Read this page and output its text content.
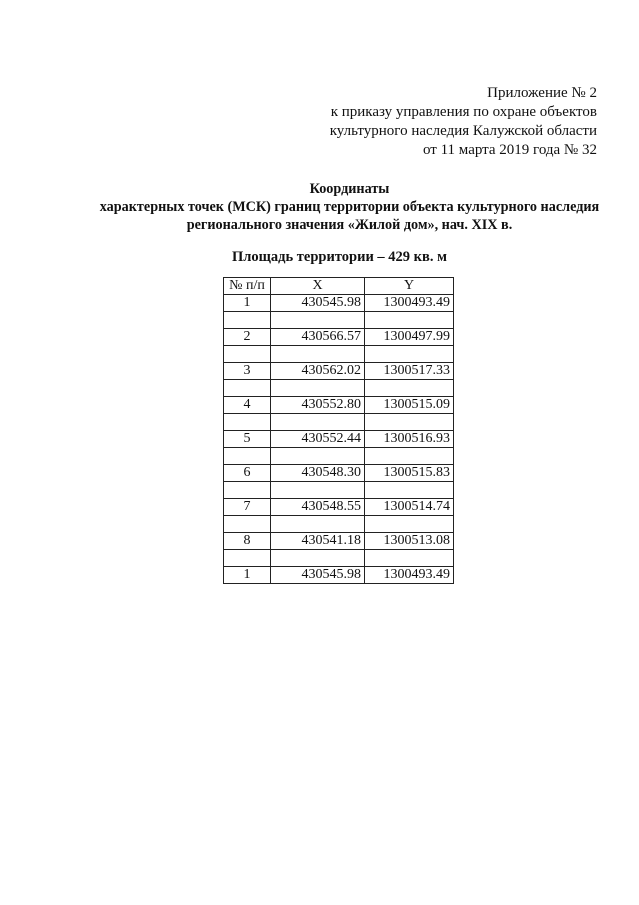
Приложение № 2
к приказу управления по охране объектов
культурного наследия Калужской области
от 11 марта 2019 года № 32
Координаты
характерных точек (МСК) границ территории объекта культурного наследия
регионального значения «Жилой дом», нач. XIX в.
Площадь территории – 429 кв. м
№ п/п	X	Y
1	430545.98	1300493.49

2	430566.57	1300497.99

3	430562.02	1300517.33

4	430552.80	1300515.09

5	430552.44	1300516.93

6	430548.30	1300515.83

7	430548.55	1300514.74

8	430541.18	1300513.08

1	430545.98	1300493.49
